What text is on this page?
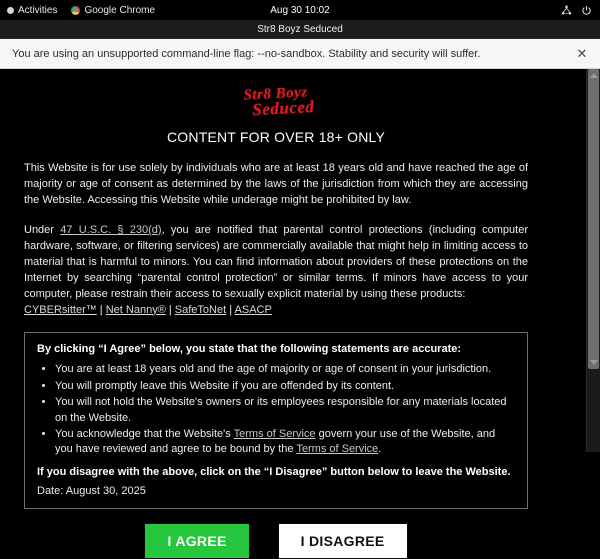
Activities	Google Chrome	Aug 30 10:02
Str8 Boyz Seduced
You are using an unsupported command-line flag: --no-sandbox. Stability and security will suffer.	✕
Str8 Boyz
Seduced
CONTENT FOR OVER 18+ ONLY

This Website is for use solely by individuals who are at least 18 years old and have reached the age of majority or age of consent as determined by the laws of the jurisdiction from which they are accessing the Website. Accessing this Website while underage might be prohibited by law.

Under 47 U.S.C. § 230(d), you are notified that parental control protections (including computer hardware, software, or filtering services) are commercially available that might help in limiting access to material that is harmful to minors. You can find information about providers of these protections on the Internet by searching “parental control protection” or similar terms. If minors have access to your computer, please restrain their access to sexually explicit material by using these products:
CYBERsitter™ | Net Nanny® | SafeToNet | ASACP

By clicking “I Agree” below, you state that the following statements are accurate:

• You are at least 18 years old and the age of majority or age of consent in your jurisdiction.
• You will promptly leave this Website if you are offended by its content.
• You will not hold the Website's owners or its employees responsible for any materials located on the Website.
• You acknowledge that the Website's Terms of Service govern your use of the Website, and you have reviewed and agree to be bound by the Terms of Service.

If you disagree with the above, click on the “I Disagree” button below to leave the Website.

Date: August 30, 2025

I AGREE	I DISAGREE
